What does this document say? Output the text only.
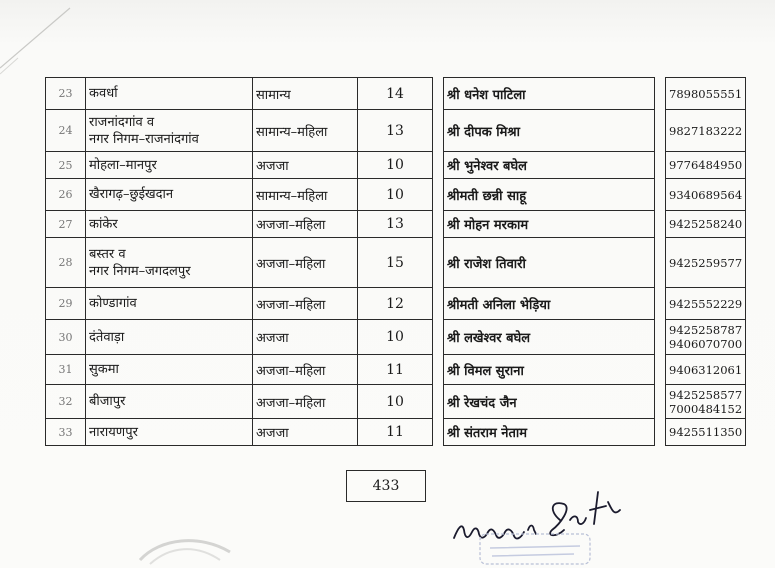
23	कवर्धा	सामान्य	14		श्री धनेश पाटिला		7898055551

24	राजनांदगांव व
नगर निगम–राजनांदगांव	सामान्य–महिला	13		श्री दीपक मिश्रा		9827183222

25	मोहला–मानपुर	अजजा	10		श्री भुनेश्वर बघेल		9776484950

26	खैरागढ़–छुईखदान	सामान्य–महिला	10		श्रीमती छन्नी साहू		9340689564

27	कांकेर	अजजा–महिला	13		श्री मोहन मरकाम		9425258240

28	बस्तर व
नगर निगम–जगदलपुर	अजजा–महिला	15		श्री राजेश तिवारी		9425259577

29	कोण्डागांव	अजजा–महिला	12		श्रीमती अनिला भेड़िया		9425552229

30	दंतेवाड़ा	अजजा	10		श्री लखेश्वर बघेल		9425258787
9406070700

31	सुकमा	अजजा–महिला	11		श्री विमल सुराना		9406312061

32	बीजापुर	अजजा–महिला	10		श्री रेखचंद जैन		9425258577
7000484152

33	नारायणपुर	अजजा	11		श्री संतराम नेताम		9425511350
433
